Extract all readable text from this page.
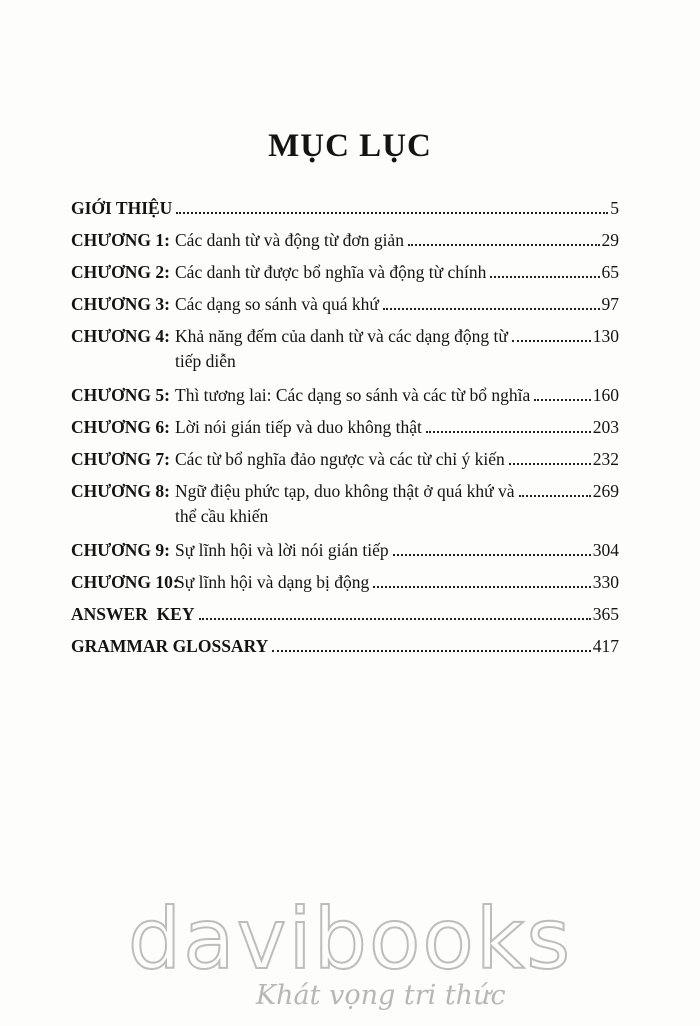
MỤC LỤC
GIỚI THIỆU	5
CHƯƠNG 1: Các danh từ và động từ đơn giản	29
CHƯƠNG 2: Các danh từ được bổ nghĩa và động từ chính	65
CHƯƠNG 3: Các dạng so sánh và quá khứ	97
CHƯƠNG 4: Khả năng đếm của danh từ và các dạng động từ	130
tiếp diễn
CHƯƠNG 5: Thì tương lai: Các dạng so sánh và các từ bổ nghĩa	160
CHƯƠNG 6: Lời nói gián tiếp và duo không thật	203
CHƯƠNG 7: Các từ bổ nghĩa đảo ngược và các từ chỉ ý kiến	232
CHƯƠNG 8: Ngữ điệu phức tạp, duo không thật ở quá khứ và	269
thể cầu khiến
CHƯƠNG 9: Sự lĩnh hội và lời nói gián tiếp	304
CHƯƠNG 10:
Sự lĩnh hội và dạng bị động	330
ANSWER  KEY	365
GRAMMAR GLOSSARY	417
davibooks
Khát vọng tri thức
